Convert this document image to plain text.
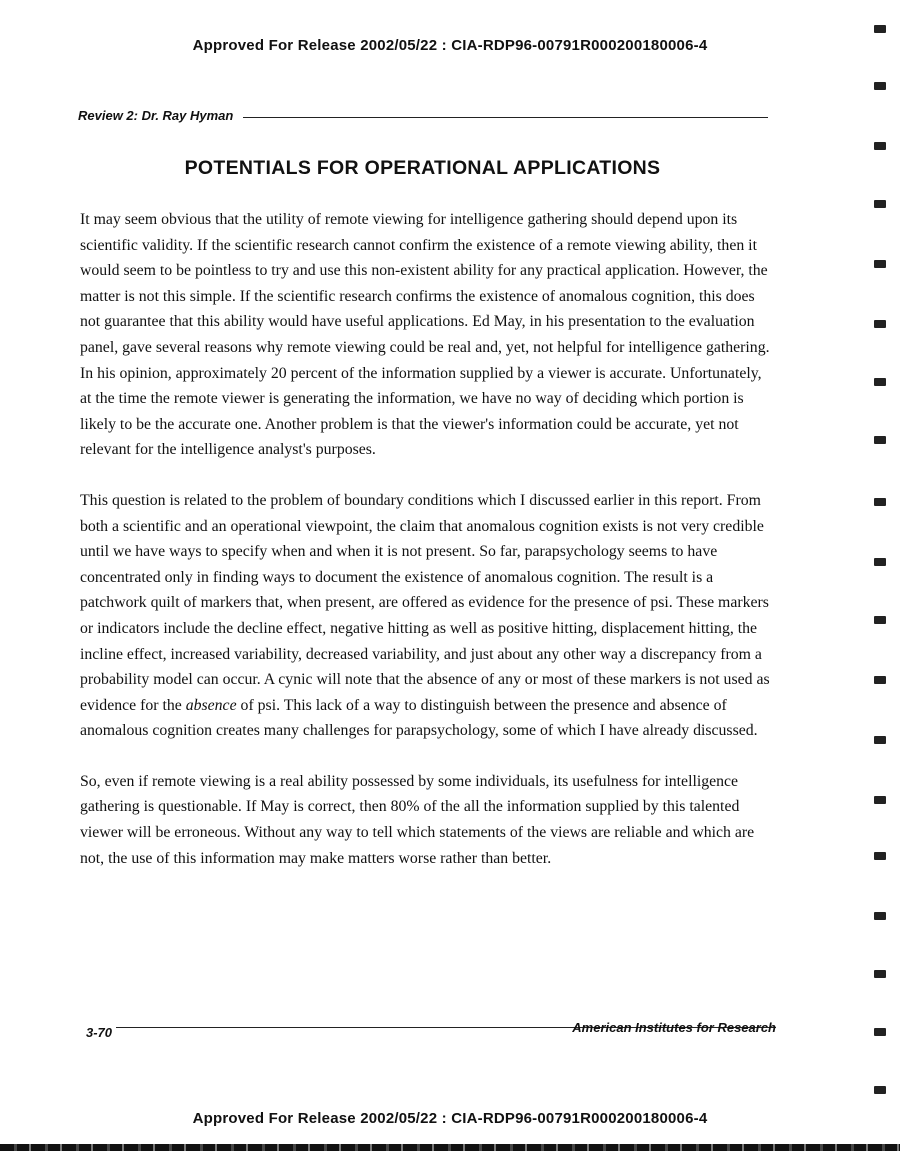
Approved For Release 2002/05/22 : CIA-RDP96-00791R000200180006-4
Review 2: Dr. Ray Hyman
POTENTIALS FOR OPERATIONAL APPLICATIONS

It may seem obvious that the utility of remote viewing for intelligence gathering should depend upon its scientific validity. If the scientific research cannot confirm the existence of a remote viewing ability, then it would seem to be pointless to try and use this non-existent ability for any practical application. However, the matter is not this simple. If the scientific research confirms the existence of anomalous cognition, this does not guarantee that this ability would have useful applications. Ed May, in his presentation to the evaluation panel, gave several reasons why remote viewing could be real and, yet, not helpful for intelligence gathering. In his opinion, approximately 20 percent of the information supplied by a viewer is accurate. Unfortunately, at the time the remote viewer is generating the information, we have no way of deciding which portion is likely to be the accurate one. Another problem is that the viewer's information could be accurate, yet not relevant for the intelligence analyst's purposes.

This question is related to the problem of boundary conditions which I discussed earlier in this report. From both a scientific and an operational viewpoint, the claim that anomalous cognition exists is not very credible until we have ways to specify when and when it is not present. So far, parapsychology seems to have concentrated only in finding ways to document the existence of anomalous cognition. The result is a patchwork quilt of markers that, when present, are offered as evidence for the presence of psi. These markers or indicators include the decline effect, negative hitting as well as positive hitting, displacement hitting, the incline effect, increased variability, decreased variability, and just about any other way a discrepancy from a probability model can occur. A cynic will note that the absence of any or most of these markers is not used as evidence for the absence of psi. This lack of a way to distinguish between the presence and absence of anomalous cognition creates many challenges for parapsychology, some of which I have already discussed.

So, even if remote viewing is a real ability possessed by some individuals, its usefulness for intelligence gathering is questionable. If May is correct, then 80% of the all the information supplied by this talented viewer will be erroneous. Without any way to tell which statements of the views are reliable and which are not, the use of this information may make matters worse rather than better.

3-70	American Institutes for Research
Approved For Release 2002/05/22 : CIA-RDP96-00791R000200180006-4
